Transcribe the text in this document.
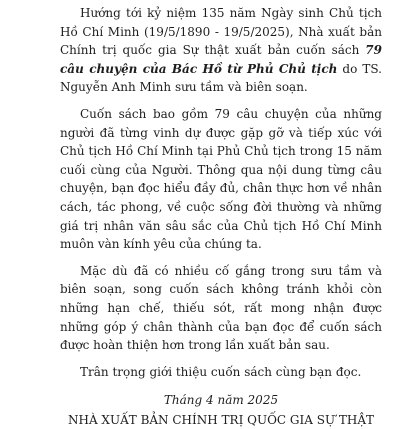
Hướng tới kỷ niệm 135 năm Ngày sinh Chủ tịch Hồ Chí Minh (19/5/1890 - 19/5/2025), Nhà xuất bản Chính trị quốc gia Sự thật xuất bản cuốn sách 79 câu chuyện của Bác Hồ từ Phủ Chủ tịch do TS. Nguyễn Anh Minh sưu tầm và biên soạn.

Cuốn sách bao gồm 79 câu chuyện của những người đã từng vinh dự được gặp gỡ và tiếp xúc với Chủ tịch Hồ Chí Minh tại Phủ Chủ tịch trong 15 năm cuối cùng của Người. Thông qua nội dung từng câu chuyện, bạn đọc hiểu đầy đủ, chân thực hơn về nhân cách, tác phong, về cuộc sống đời thường và những giá trị nhân văn sâu sắc của Chủ tịch Hồ Chí Minh muôn vàn kính yêu của chúng ta.

Mặc dù đã có nhiều cố gắng trong sưu tầm và biên soạn, song cuốn sách không tránh khỏi còn những hạn chế, thiếu sót, rất mong nhận được những góp ý chân thành của bạn đọc để cuốn sách được hoàn thiện hơn trong lần xuất bản sau.

Trân trọng giới thiệu cuốn sách cùng bạn đọc.

Tháng 4 năm 2025
NHÀ XUẤT BẢN CHÍNH TRỊ QUỐC GIA SỰ THẬT
